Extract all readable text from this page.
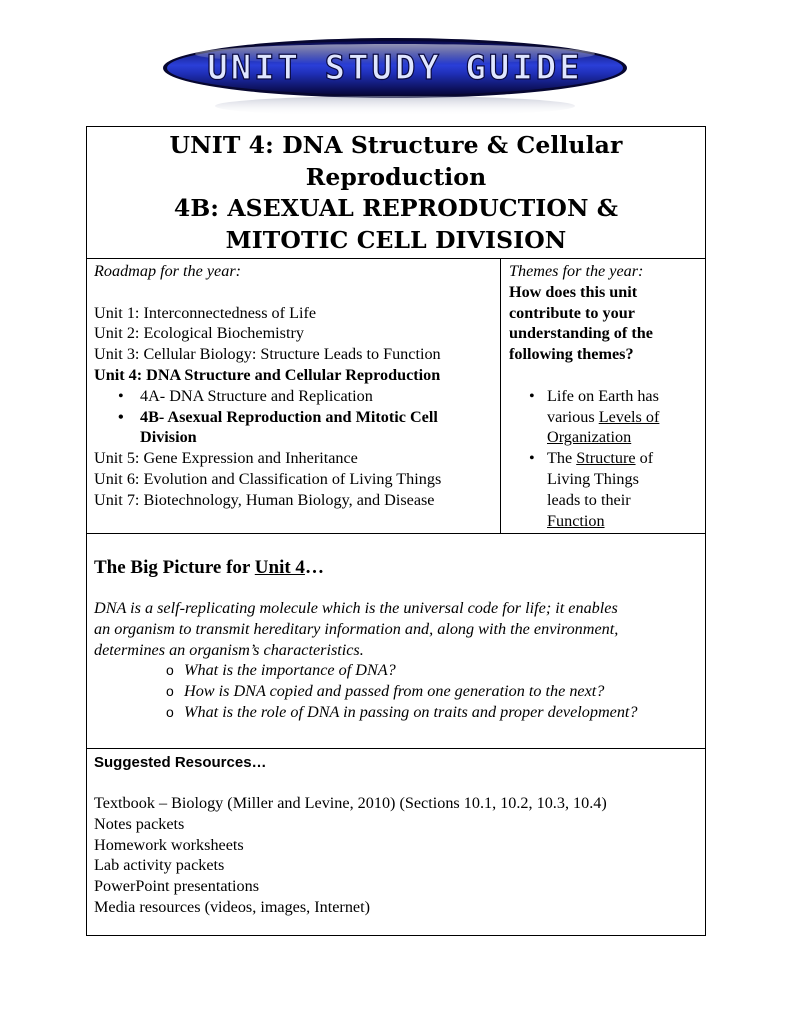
UNIT STUDY GUIDE
UNIT 4: DNA Structure & Cellular
Reproduction
4B: ASEXUAL REPRODUCTION &
MITOTIC CELL DIVISION
Roadmap for the year:
Unit 1: Interconnectedness of Life
Unit 2: Ecological Biochemistry
Unit 3: Cellular Biology: Structure Leads to Function
Unit 4: DNA Structure and Cellular Reproduction
• 4A- DNA Structure and Replication
• 4B- Asexual Reproduction and Mitotic Cell
Division
Unit 5: Gene Expression and Inheritance
Unit 6: Evolution and Classification of Living Things
Unit 7: Biotechnology, Human Biology, and Disease
Themes for the year:
How does this unit
contribute to your
understanding of the
following themes?
• Life on Earth has
various Levels of
Organization
• The Structure of
Living Things
leads to their
Function
The Big Picture for Unit 4…
DNA is a self-replicating molecule which is the universal code for life; it enables
an organism to transmit hereditary information and, along with the environment,
determines an organism’s characteristics.
o What is the importance of DNA?
o How is DNA copied and passed from one generation to the next?
o What is the role of DNA in passing on traits and proper development?
Suggested Resources…
Textbook – Biology (Miller and Levine, 2010) (Sections 10.1, 10.2, 10.3, 10.4)
Notes packets
Homework worksheets
Lab activity packets
PowerPoint presentations
Media resources (videos, images, Internet)
